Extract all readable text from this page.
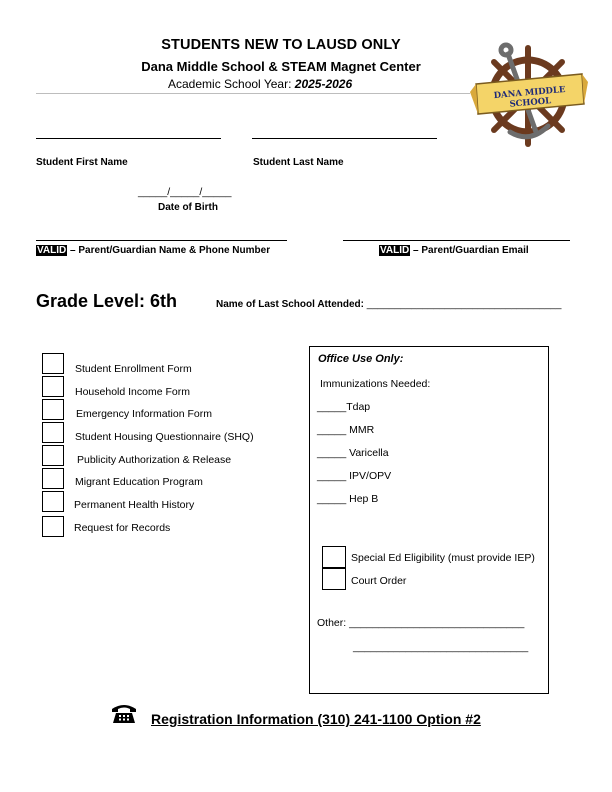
STUDENTS NEW TO LAUSD ONLY
Dana Middle School & STEAM Magnet Center
Academic School Year: 2025-2026
DANA MIDDLE SCHOOL
Student First Name	Student Last Name
_____/_____/_____
Date of Birth
VALID – Parent/Guardian Name & Phone Number	VALID – Parent/Guardian Email
Grade Level: 6th	Name of Last School Attended: ___________________________________
Student Enrollment Form
Household Income Form
Emergency Information Form
Student Housing Questionnaire (SHQ)
Publicity Authorization & Release
Migrant Education Program
Permanent Health History
Request for Records
Office Use Only:
Immunizations Needed:
_____Tdap
_____ MMR
_____ Varicella
_____ IPV/OPV
_____ Hep B
Special Ed Eligibility (must provide IEP)
Court Order
Other: ______________________________
______________________________
Registration Information (310) 241-1100 Option #2
